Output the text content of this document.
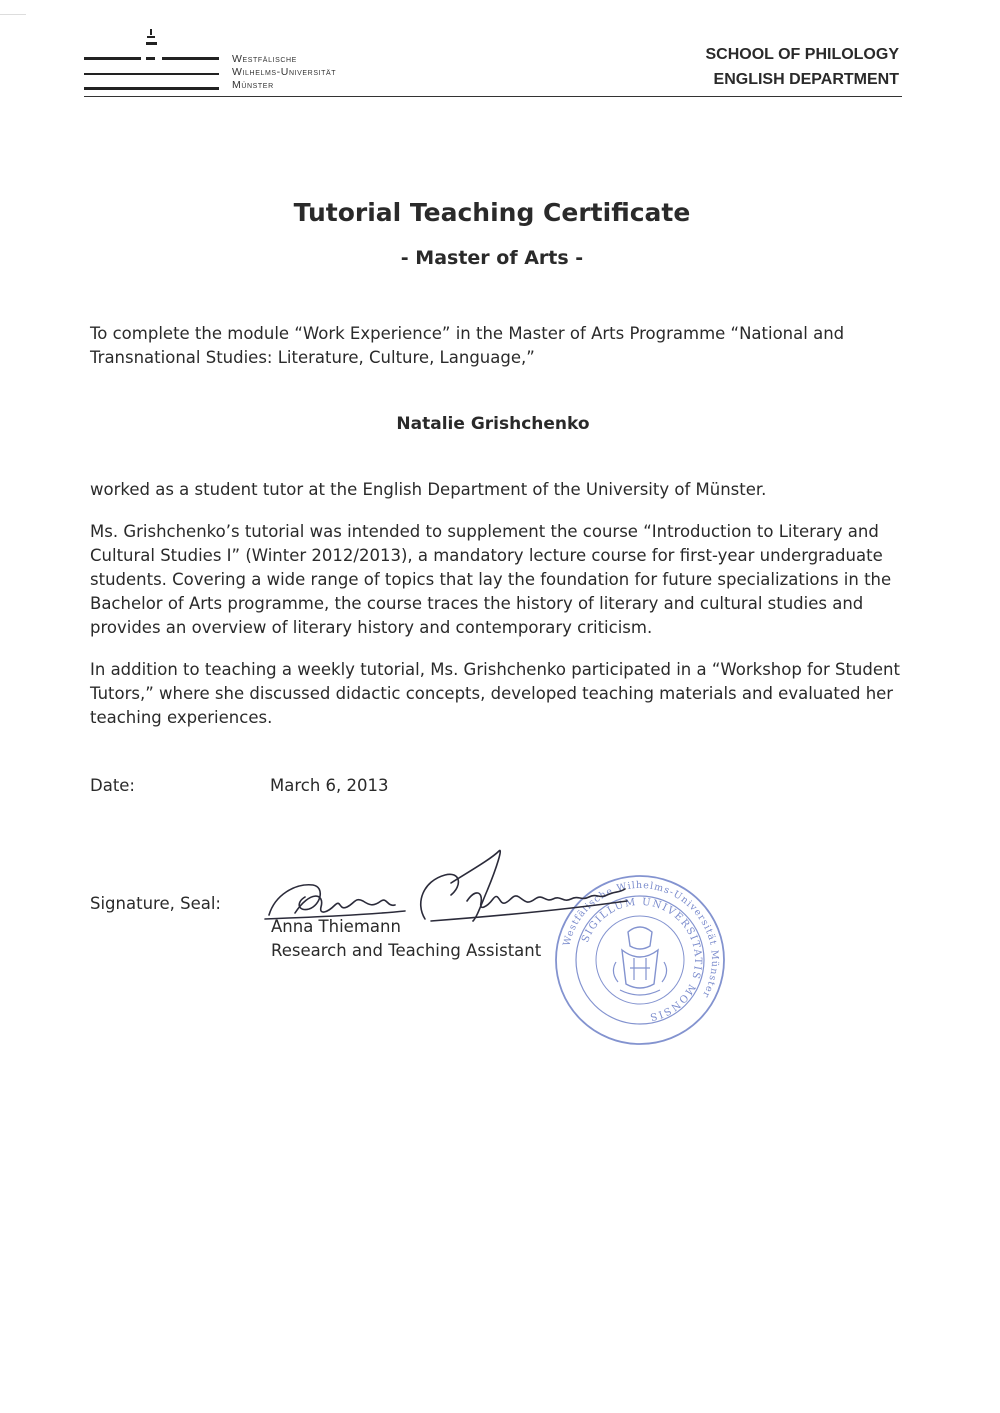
Westfälische
Wilhelms-Universität
Münster
SCHOOL OF PHILOLOGY
ENGLISH DEPARTMENT
Tutorial Teaching Certificate
- Master of Arts -
To complete the module “Work Experience” in the Master of Arts Programme “National and Transnational Studies: Literature, Culture, Language,”
Natalie Grishchenko
worked as a student tutor at the English Department of the University of Münster.
Ms. Grishchenko’s tutorial was intended to supplement the course “Introduction to Literary and Cultural Studies I” (Winter 2012/2013), a mandatory lecture course for first-year undergraduate students. Covering a wide range of topics that lay the foundation for future specializations in the Bachelor of Arts programme, the course traces the history of literary and cultural studies and provides an overview of literary history and contemporary criticism.
In addition to teaching a weekly tutorial, Ms. Grishchenko participated in a “Workshop for Student Tutors,” where she discussed didactic concepts, developed teaching materials and evaluated her teaching experiences.
Date:	March 6, 2013
Signature, Seal:
Westfälische Wilhelms-Universität Münster
SIGILLUM UNIVERSITATIS MONSIS
Anna Thiemann
Research and Teaching Assistant
